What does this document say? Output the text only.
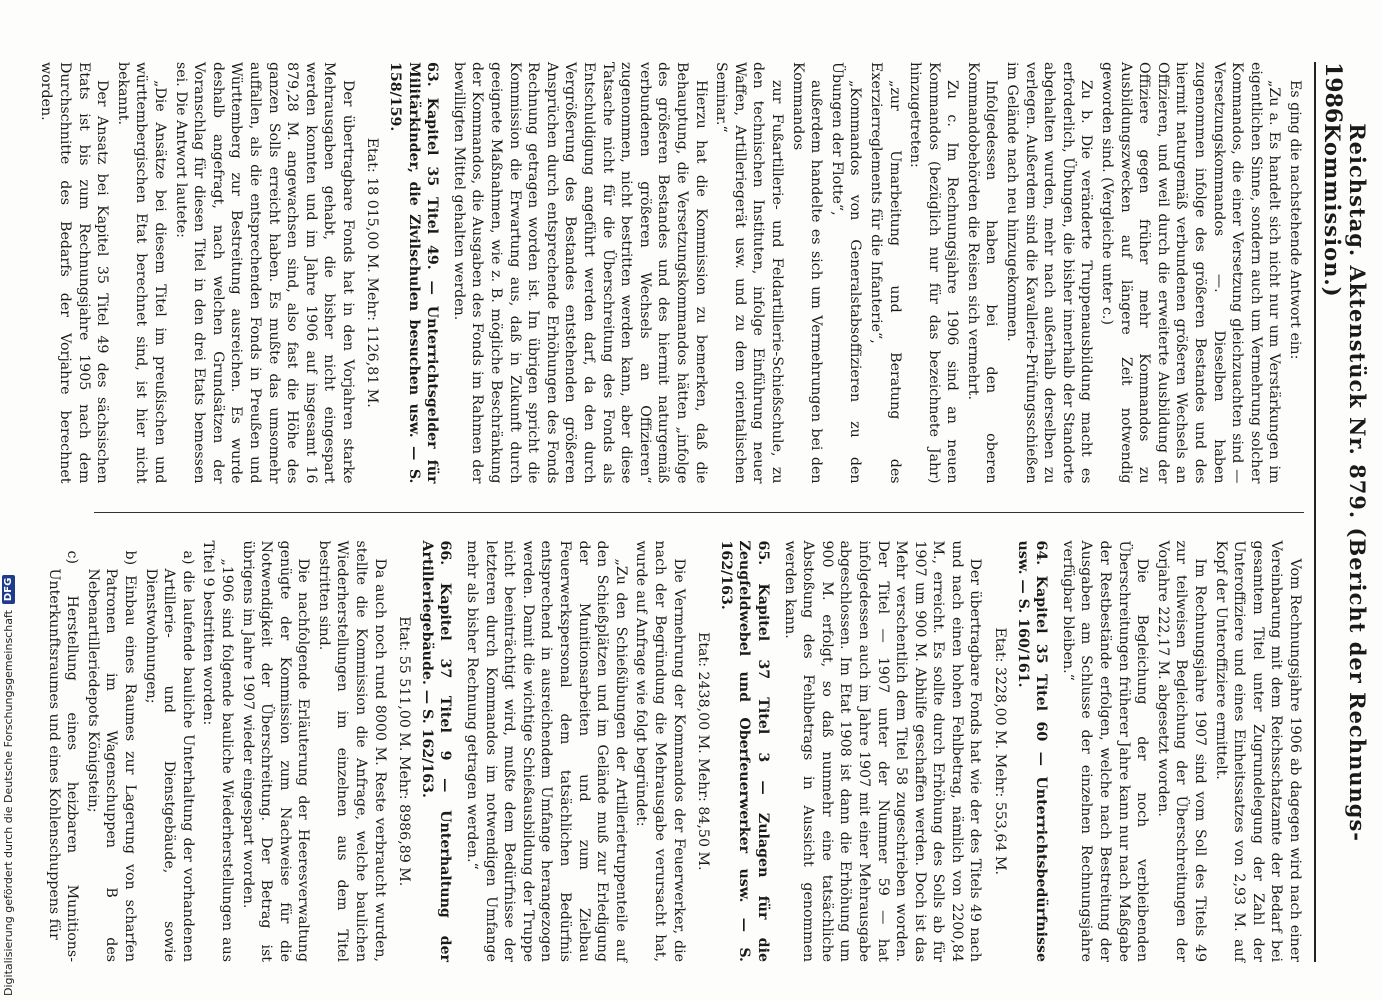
Digitalisierung gefördert durch die Deutsche Forschungsgemeinschaft
DFG
1986
Reichstag. Aktenstück Nr. 879. (Bericht der Rechnungs-Kommission.)

Es ging die nachstehende Antwort ein:

„Zu a. Es handelt sich nicht nur um Verstärkungen im eigentlichen Sinne, sondern auch um Vermehrung solcher Kommandos, die einer Versetzung gleichzuachten sind — Versetzungskommandos —. Dieselben haben zugenommen infolge des größeren Bestandes und des hiermit naturgemäß verbundenen größeren Wechsels an Offizieren, und weil durch die erweiterte Ausbildung der Offiziere gegen früher mehr Kommandos zu Ausbildungszwecken auf längere Zeit notwendig geworden sind. (Vergleiche unter c.)

Zu b. Die veränderte Truppenausbildung macht es erforderlich, Übungen, die bisher innerhalb der Standorte abgehalten wurden, mehr nach außerhalb derselben zu verlegen. Außerdem sind die Kavallerie-Prüfungsschießen im Gelände nach neu hinzugekommen.

Infolgedessen haben bei den oberen Kommandobehörden die Reisen sich vermehrt.

Zu c. Im Rechnungsjahre 1906 sind an neuen Kommandos (bezüglich nur für das bezeichnete Jahr) hinzugetreten:

„zur Umarbeitung und Beratung des Exerzierreglements für die Infanterie“,

„Kommandos von Generalstabsoffizieren zu den Übungen der Flotte“,

außerdem handelte es sich um Vermehrungen bei den Kommandos

zur Fußartillerie- und Feldartillerie-Schießschule, zu den technischen Instituten, infolge Einführung neuer Waffen, Artilleriegerät usw. und zu dem orientalischen Seminar.“

Hierzu hat die Kommission zu bemerken, daß die Behauptung, die Versetzungskommandos hätten „infolge des größeren Bestandes und des hiermit naturgemäß verbundenen größeren Wechsels an Offizieren“ zugenommen, nicht bestritten werden kann, aber diese Tatsache nicht für die Überschreitung des Fonds als Entschuldigung angeführt werden darf, da den durch Vergrößerung des Bestandes entstehenden größeren Ansprüchen durch entsprechende Erhöhungen des Fonds Rechnung getragen worden ist. Im übrigen spricht die Kommission die Erwartung aus, daß in Zukunft durch geeignete Maßnahmen, wie z. B. mögliche Beschränkung der Kommandos, die Ausgaben des Fonds im Rahmen der bewilligten Mittel gehalten werden.

63. Kapitel 35 Titel 49. — Unterrichtsgelder für Militärkinder, die Zivilschulen besuchen usw. — S. 158/159.

Etat: 18 015,00 M. Mehr: 1126,81 M.

Der übertragbare Fonds hat in den Vorjahren starke Mehrausgaben gehabt, die bisher nicht eingespart werden konnten und im Jahre 1906 auf insgesamt 16 879,28 M. angewachsen sind, also fast die Höhe des ganzen Solls erreicht haben. Es mußte das umsomehr auffallen, als die entsprechenden Fonds in Preußen und Württemberg zur Bestreitung ausreichen. Es wurde deshalb angefragt, nach welchen Grundsätzen der Voranschlag für diesen Titel in den drei Etats bemessen sei. Die Antwort lautete:

„Die Ansätze bei diesem Titel im preußischen und württembergischen Etat berechnet sind, ist hier nicht bekannt.

Der Ansatz bei Kapitel 35 Titel 49 des sächsischen Etats ist bis zum Rechnungsjahre 1905 nach dem Durchschnitte des Bedarfs der Vorjahre berechnet worden.

Vom Rechnungsjahre 1906 ab dagegen wird nach einer Vereinbarung mit dem Reichsschatzamte der Bedarf bei gesamtem Titel unter Zugrundelegung der Zahl der Unteroffiziere und eines Einheitssatzes von 2,93 M. auf Kopf der Unteroffiziere ermittelt.

Im Rechnungsjahre 1907 sind vom Soll des Titels 49 zur teilweisen Begleichung der Überschreitungen der Vorjahre 222,17 M. abgesetzt worden.

Die Begleichung der noch verbleibenden Überschreitungen früherer Jahre kann nur nach Maßgabe der Restbestände erfolgen, welche nach Bestreitung der Ausgaben am Schlusse der einzelnen Rechnungsjahre verfügbar bleiben.“

64. Kapitel 35 Titel 60 — Unterrichtsbedürfnisse usw. — S. 160/161.

Etat: 3228,00 M. Mehr: 553,64 M.

Der übertragbare Fonds hat wie der des Titels 49 nach und nach einen hohen Fehlbetrag, nämlich von 2200,84 M., erreicht. Es sollte durch Erhöhung des Solls ab für 1907 um 900 M. Abhilfe geschaffen werden. Doch ist das Mehr verschentlich dem Titel 58 zugeschrieben worden. Der Titel — 1907 unter der Nummer 59 — hat infolgedessen auch im Jahre 1907 mit einer Mehrausgabe abgeschlossen. Im Etat 1908 ist dann die Erhöhung um 900 M. erfolgt, so daß nunmehr eine tatsächliche Abstoßung des Fehlbetrags in Aussicht genommen werden kann.

65. Kapitel 37 Titel 3 — Zulagen für die Zeugfeldwebel und Oberfeuerwerker usw. — S. 162/163.

Etat: 2438,00 M. Mehr: 84,50 M.

Die Vermehrung der Kommandos der Feuerwerker, die nach der Begründung die Mehrausgabe verursacht hat, wurde auf Anfrage wie folgt begründet:

„Zu den Schießübungen der Artillerietruppenteile auf den Schießplätzen und im Gelände muß zur Erledigung der Munitionsarbeiten und zum Zielbau Feuerwerkspersonal dem tatsächlichen Bedürfnis entsprechend in ausreichendem Umfange herangezogen werden. Damit die wichtige Schießausbildung der Truppe nicht beeinträchtigt wird, mußte dem Bedürfnisse der letzteren durch Kommandos im notwendigen Umfange mehr als bisher Rechnung getragen werden.“

66. Kapitel 37 Titel 9 — Unterhaltung der Artilleriegebäude. — S. 162/163.

Etat: 55 511,00 M. Mehr: 8986,89 M.

Da auch noch rund 8000 M. Reste verbraucht wurden, stellte die Kommission die Anfrage, welche baulichen Wiederherstellungen im einzelnen aus dem Titel bestritten sind.

Die nachfolgende Erläuterung der Heeresverwaltung genügte der Kommission zum Nachweise für die Notwendigkeit der Überschreitung. Der Betrag ist übrigens im Jahre 1907 wieder eingespart worden.

„1906 sind folgende bauliche Wiederherstellungen aus Titel 9 bestritten worden:

a) die laufende bauliche Unterhaltung der vorhandenen Artillerie- und Dienstgebäude, sowie Dienstwohnungen;

b) Einbau eines Raumes zur Lagerung von scharfen Patronen im Wagenschuppen B des Nebenartilleriedepots Königstein;

c) Herstellung eines heizbaren Munitions-Unterkunftsraumes und eines Kohlenschuppens für
